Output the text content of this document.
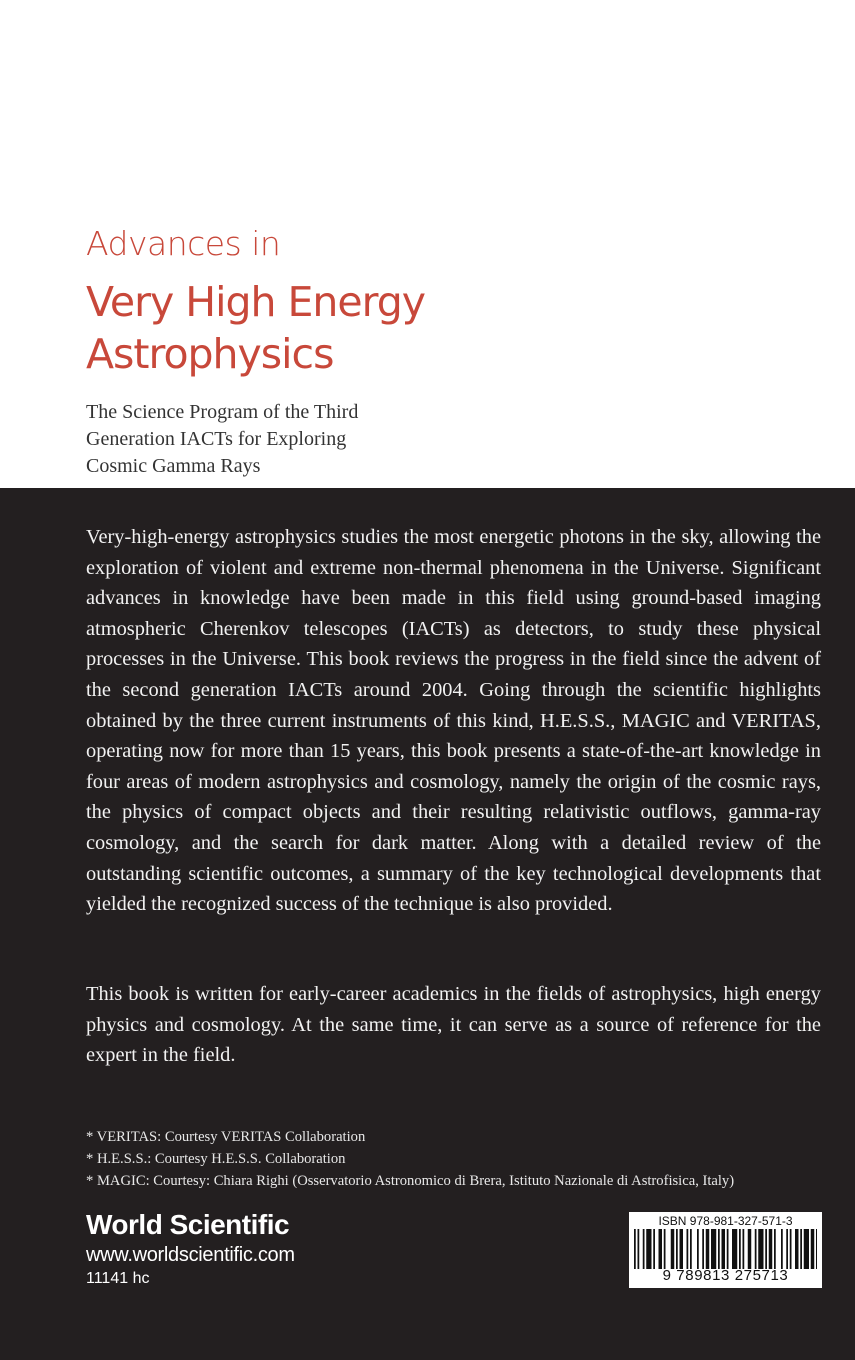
Advances in
Very High Energy
Astrophysics
The Science Program of the Third
Generation IACTs for Exploring
Cosmic Gamma Rays

Very-high-energy astrophysics studies the most energetic photons in the sky, allowing the exploration of violent and extreme non-thermal phenomena in the Universe. Significant advances in knowledge have been made in this field using ground-based imaging atmospheric Cherenkov telescopes (IACTs) as detectors, to study these physical processes in the Universe. This book reviews the progress in the field since the advent of the second generation IACTs around 2004. Going through the scientific highlights obtained by the three current instruments of this kind, H.E.S.S., MAGIC and VERITAS, operating now for more than 15 years, this book presents a state-of-the-art knowledge in four areas of modern astrophysics and cosmology, namely the origin of the cosmic rays, the physics of compact objects and their resulting relativistic outflows, gamma-ray cosmology, and the search for dark matter. Along with a detailed review of the outstanding scientific outcomes, a summary of the key technological developments that yielded the recognized success of the technique is also provided.

This book is written for early-career academics in the fields of astrophysics, high energy physics and cosmology. At the same time, it can serve as a source of reference for the expert in the field.

* VERITAS: Courtesy VERITAS Collaboration
* H.E.S.S.: Courtesy H.E.S.S. Collaboration
* MAGIC: Courtesy: Chiara Righi (Osservatorio Astronomico di Brera, Istituto Nazionale di Astrofisica, Italy)
World Scientific
www.worldscientific.com
11141 hc
ISBN 978-981-327-571-3
9 789813 275713
